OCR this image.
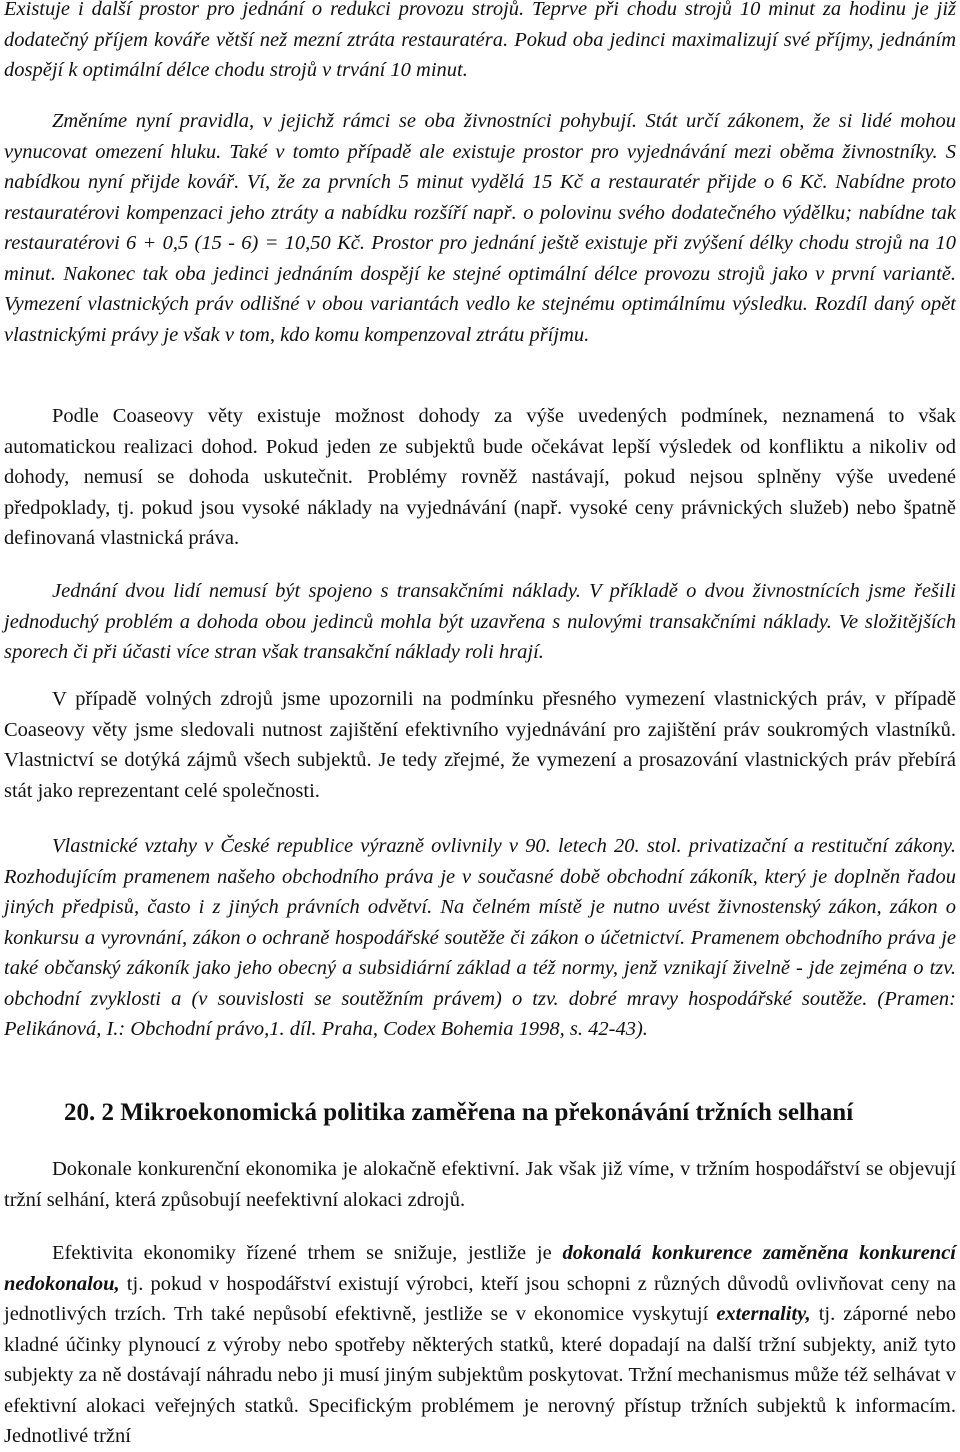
Existuje i další prostor pro jednání o redukci provozu strojů. Teprve při chodu strojů 10 minut za hodinu je již dodatečný příjem kováře větší než mezní ztráta restauratéra. Pokud oba jedinci maximalizují své příjmy, jednáním dospějí k optimální délce chodu strojů v trvání 10 minut.

Změníme nyní pravidla, v jejichž rámci se oba živnostníci pohybují. Stát určí zákonem, že si lidé mohou vynucovat omezení hluku. Také v tomto případě ale existuje prostor pro vyjednávání mezi oběma živnostníky. S nabídkou nyní přijde kovář. Ví, že za prvních 5 minut vydělá 15 Kč a restauratér přijde o 6 Kč. Nabídne proto restauratérovi kompenzaci jeho ztráty a nabídku rozšíří např. o polovinu svého dodatečného výdělku; nabídne tak restauratérovi 6 + 0,5 (15 - 6) = 10,50 Kč. Prostor pro jednání ještě existuje při zvýšení délky chodu strojů na 10 minut. Nakonec tak oba jedinci jednáním dospějí ke stejné optimální délce provozu strojů jako v první variantě. Vymezení vlastnických práv odlišné v obou variantách vedlo ke stejnému optimálnímu výsledku. Rozdíl daný opět vlastnickými právy je však v tom, kdo komu kompenzoval ztrátu příjmu.

Podle Coaseovy věty existuje možnost dohody za výše uvedených podmínek, neznamená to však automatickou realizaci dohod. Pokud jeden ze subjektů bude očekávat lepší výsledek od konfliktu a nikoliv od dohody, nemusí se dohoda uskutečnit. Problémy rovněž nastávají, pokud nejsou splněny výše uvedené předpoklady, tj. pokud jsou vysoké náklady na vyjednávání (např. vysoké ceny právnických služeb) nebo špatně definovaná vlastnická práva.

Jednání dvou lidí nemusí být spojeno s transakčními náklady. V příkladě o dvou živnostnících jsme řešili jednoduchý problém a dohoda obou jedinců mohla být uzavřena s nulovými transakčními náklady. Ve složitějších sporech či při účasti více stran však transakční náklady roli hrají.

V případě volných zdrojů jsme upozornili na podmínku přesného vymezení vlastnických práv, v případě Coaseovy věty jsme sledovali nutnost zajištění efektivního vyjednávání pro zajištění práv soukromých vlastníků. Vlastnictví se dotýká zájmů všech subjektů. Je tedy zřejmé, že vymezení a prosazování vlastnických práv přebírá stát jako reprezentant celé společnosti.

Vlastnické vztahy v České republice výrazně ovlivnily v 90. letech 20. stol. privatizační a restituční zákony. Rozhodujícím pramenem našeho obchodního práva je v současné době obchodní zákoník, který je doplněn řadou jiných předpisů, často i z jiných právních odvětví. Na čelném místě je nutno uvést živnostenský zákon, zákon o konkursu a vyrovnání, zákon o ochraně hospodářské soutěže či zákon o účetnictví. Pramenem obchodního práva je také občanský zákoník jako jeho obecný a subsidiární základ a též normy, jenž vznikají živelně - jde zejména o tzv. obchodní zvyklosti a (v souvislosti se soutěžním právem) o tzv. dobré mravy hospodářské soutěže. (Pramen: Pelikánová, I.: Obchodní právo,1. díl. Praha, Codex Bohemia 1998, s. 42-43).

20. 2 Mikroekonomická politika zaměřena na překonávání tržních selhaní

Dokonale konkurenční ekonomika je alokačně efektivní. Jak však již víme, v tržním hospodářství se objevují tržní selhání, která způsobují neefektivní alokaci zdrojů.

Efektivita ekonomiky řízené trhem se snižuje, jestliže je dokonalá konkurence zaměněna konkurencí nedokonalou, tj. pokud v hospodářství existují výrobci, kteří jsou schopni z různých důvodů ovlivňovat ceny na jednotlivých trzích. Trh také nepůsobí efektivně, jestliže se v ekonomice vyskytují externality, tj. záporné nebo kladné účinky plynoucí z výroby nebo spotřeby některých statků, které dopadají na další tržní subjekty, aniž tyto subjekty za ně dostávají náhradu nebo ji musí jiným subjektům poskytovat. Tržní mechanismus může též selhávat v efektivní alokaci veřejných statků. Specifickým problémem je nerovný přístup tržních subjektů k informacím. Jednotlivé tržní
